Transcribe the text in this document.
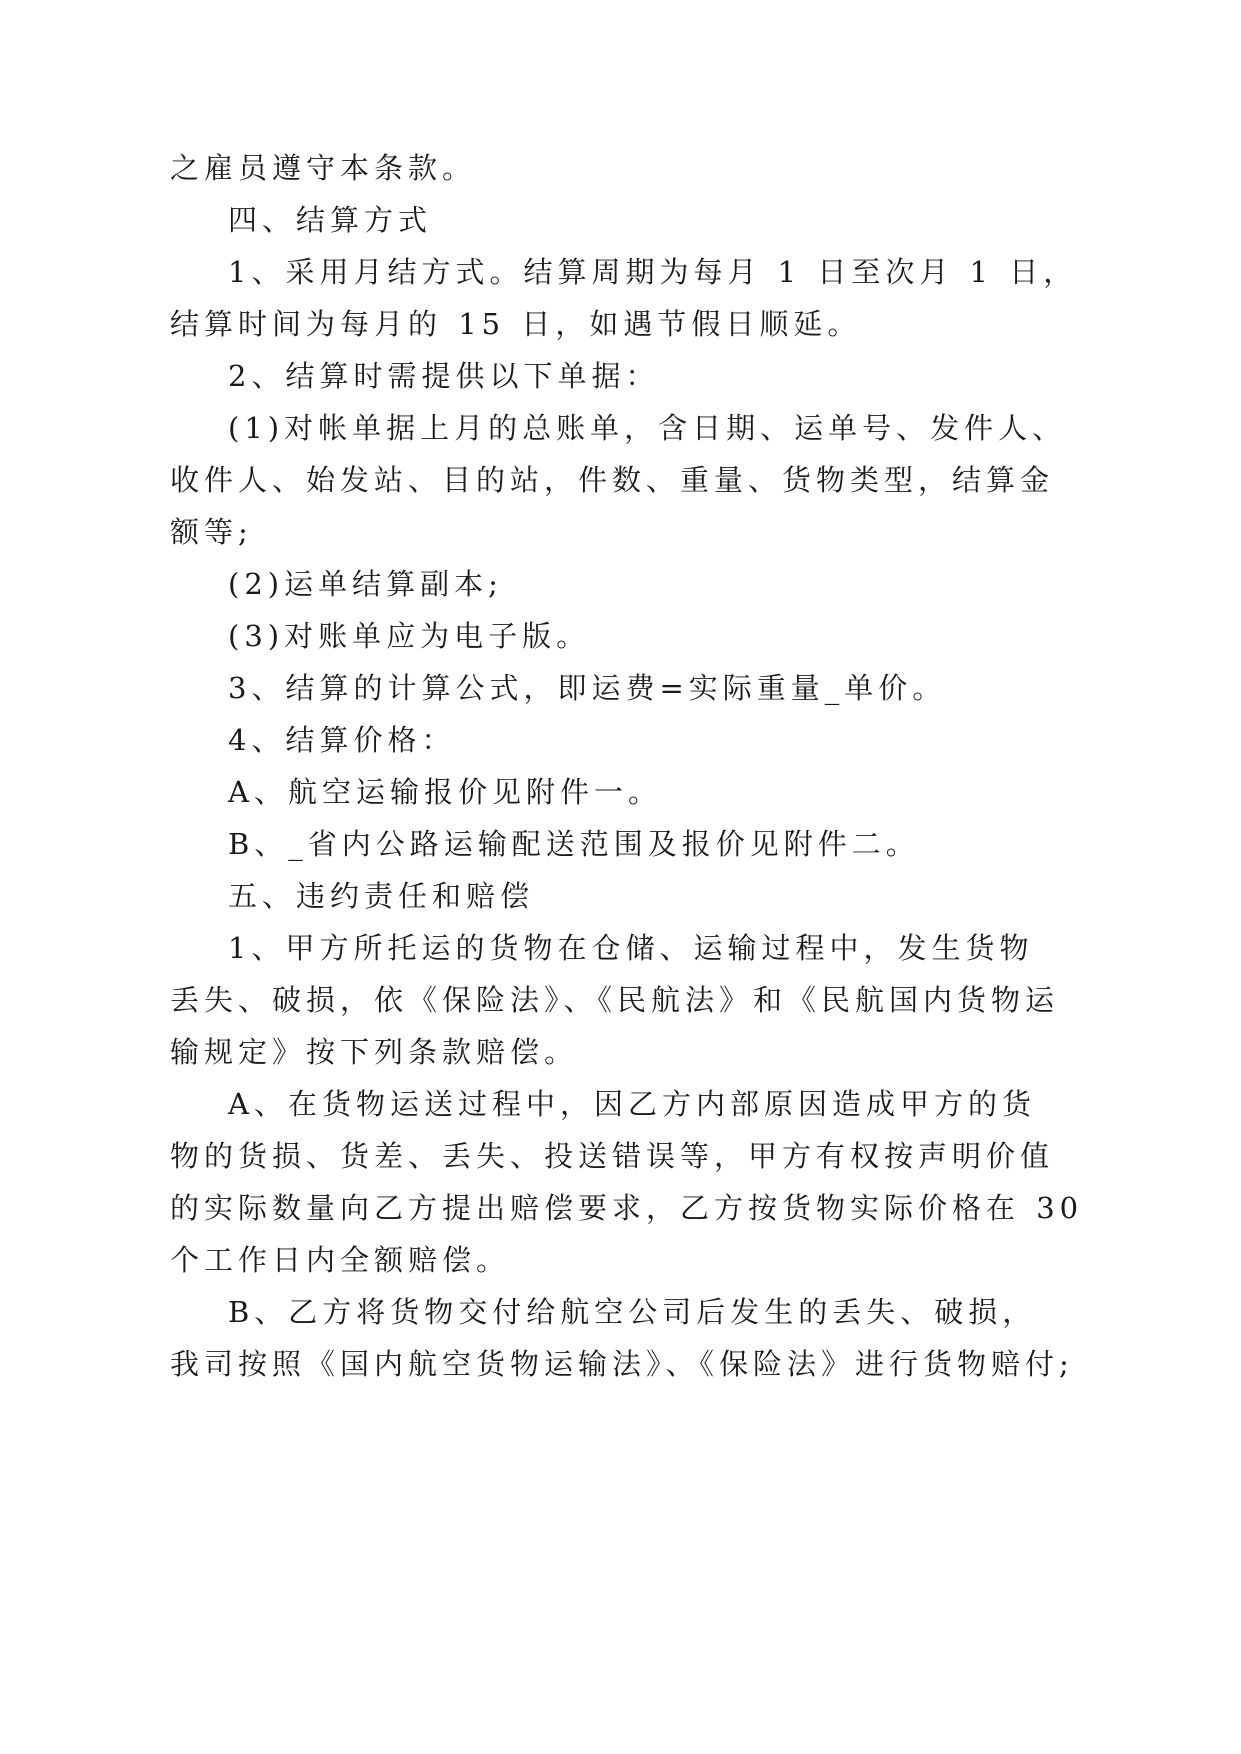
之雇员遵守本条款。
四、结算方式
1、采用月结方式。结算周期为每月 1 日至次月 1 日，
结算时间为每月的 15 日，如遇节假日顺延。
2、结算时需提供以下单据：
(1)对帐单据上月的总账单，含日期、运单号、发件人、
收件人、始发站、目的站，件数、重量、货物类型，结算金
额等;
(2)运单结算副本;
(3)对账单应为电子版。
3、结算的计算公式，即运费=实际重量_单价。
4、结算价格：
A、航空运输报价见附件一。
B、_省内公路运输配送范围及报价见附件二。
五、违约责任和赔偿
1、甲方所托运的货物在仓储、运输过程中，发生货物
丢失、破损，依《保险法》、《民航法》和《民航国内货物运
输规定》按下列条款赔偿。
A、在货物运送过程中，因乙方内部原因造成甲方的货
物的货损、货差、丢失、投送错误等，甲方有权按声明价值
的实际数量向乙方提出赔偿要求，乙方按货物实际价格在 30
个工作日内全额赔偿。
B、乙方将货物交付给航空公司后发生的丢失、破损，
我司按照《国内航空货物运输法》、《保险法》进行货物赔付;
